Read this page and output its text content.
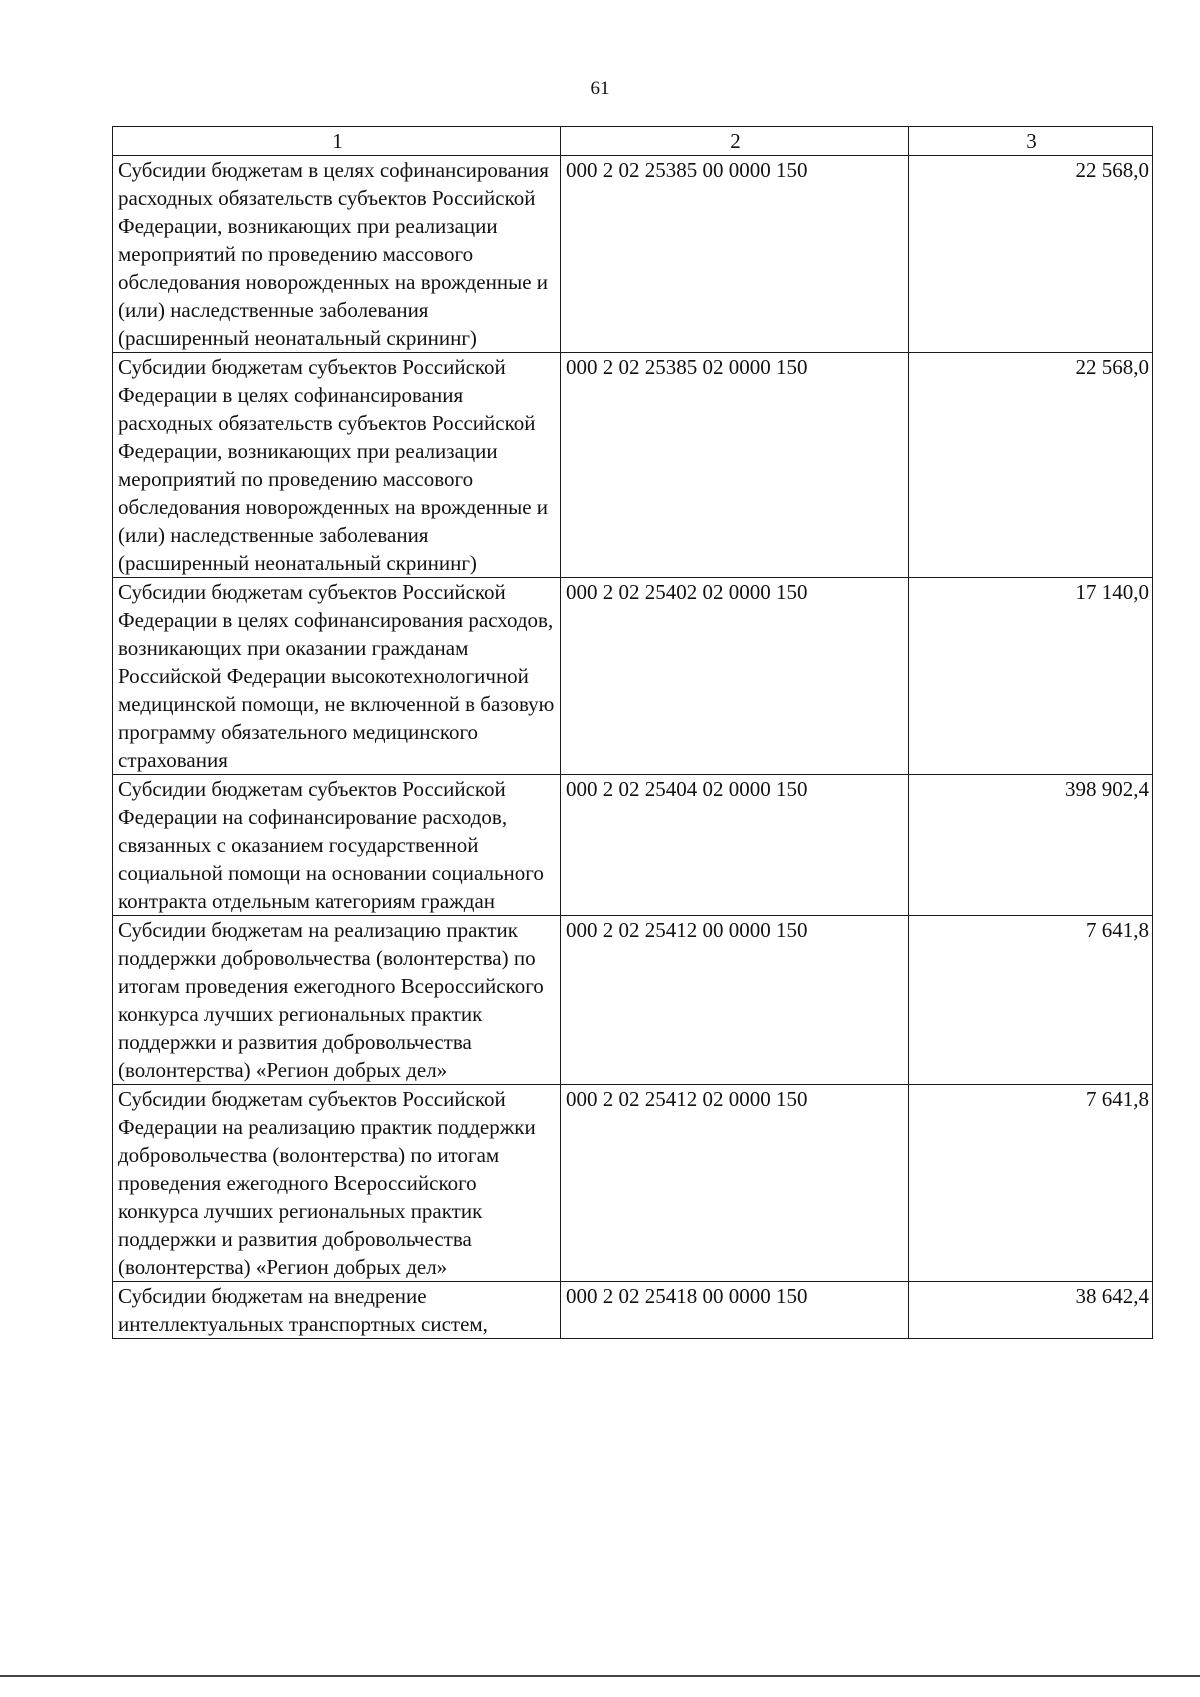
61
1	2	3
Субсидии бюджетам в целях софинансирования расходных обязательств субъектов Российской Федерации, возникающих при реализации мероприятий по проведению массового обследования новорожденных на врожденные и (или) наследственные заболевания (расширенный неонатальный скрининг)	000 2 02 25385 00 0000 150	22 568,0
Субсидии бюджетам субъектов Российской Федерации в целях софинансирования расходных обязательств субъектов Российской Федерации, возникающих при реализации мероприятий по проведению массового обследования новорожденных на врожденные и (или) наследственные заболевания (расширенный неонатальный скрининг)	000 2 02 25385 02 0000 150	22 568,0
Субсидии бюджетам субъектов Российской Федерации в целях софинансирования расходов, возникающих при оказании гражданам Российской Федерации высокотехнологичной медицинской помощи, не включенной в базовую программу обязательного медицинского страхования	000 2 02 25402 02 0000 150	17 140,0
Субсидии бюджетам субъектов Российской Федерации на софинансирование расходов, связанных с оказанием государственной социальной помощи на основании социального контракта отдельным категориям граждан	000 2 02 25404 02 0000 150	398 902,4
Субсидии бюджетам на реализацию практик поддержки добровольчества (волонтерства) по итогам проведения ежегодного Всероссийского конкурса лучших региональных практик поддержки и развития добровольчества (волонтерства) «Регион добрых дел»	000 2 02 25412 00 0000 150	7 641,8
Субсидии бюджетам субъектов Российской Федерации на реализацию практик поддержки добровольчества (волонтерства) по итогам проведения ежегодного Всероссийского конкурса лучших региональных практик поддержки и развития добровольчества (волонтерства) «Регион добрых дел»	000 2 02 25412 02 0000 150	7 641,8
Субсидии бюджетам на внедрение интеллектуальных транспортных систем,	000 2 02 25418 00 0000 150	38 642,4
